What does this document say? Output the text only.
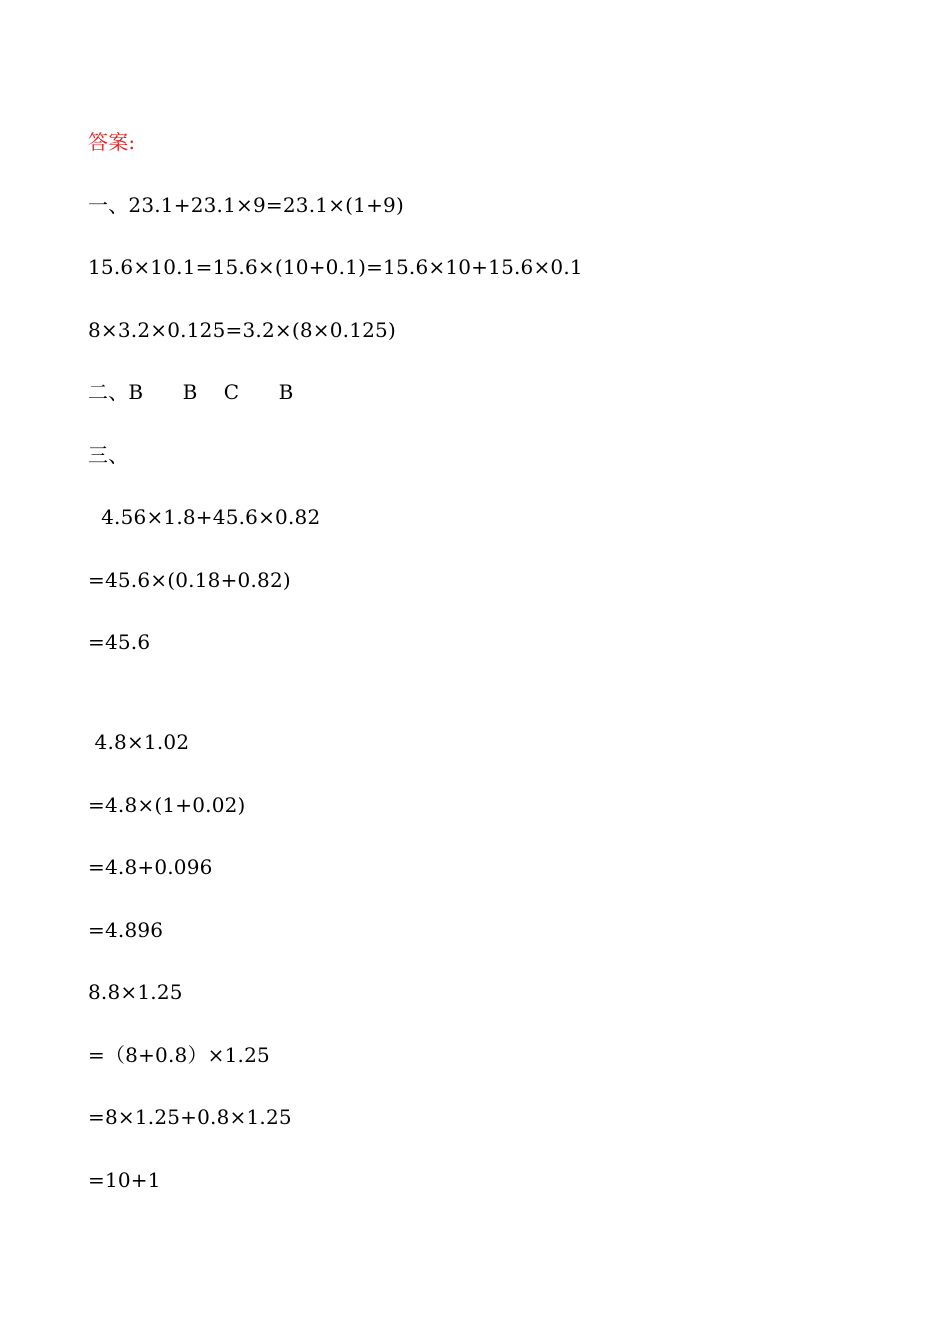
答案:
一、23.1+23.1×9=23.1×(1+9)
15.6×10.1=15.6×(10+0.1)=15.6×10+15.6×0.1
8×3.2×0.125=3.2×(8×0.125)
二、B      B    C      B
三、
4.56×1.8+45.6×0.82
=45.6×(0.18+0.82)
=45.6
4.8×1.02
=4.8×(1+0.02)
=4.8+0.096
=4.896
8.8×1.25
=（8+0.8）×1.25
=8×1.25+0.8×1.25
=10+1
